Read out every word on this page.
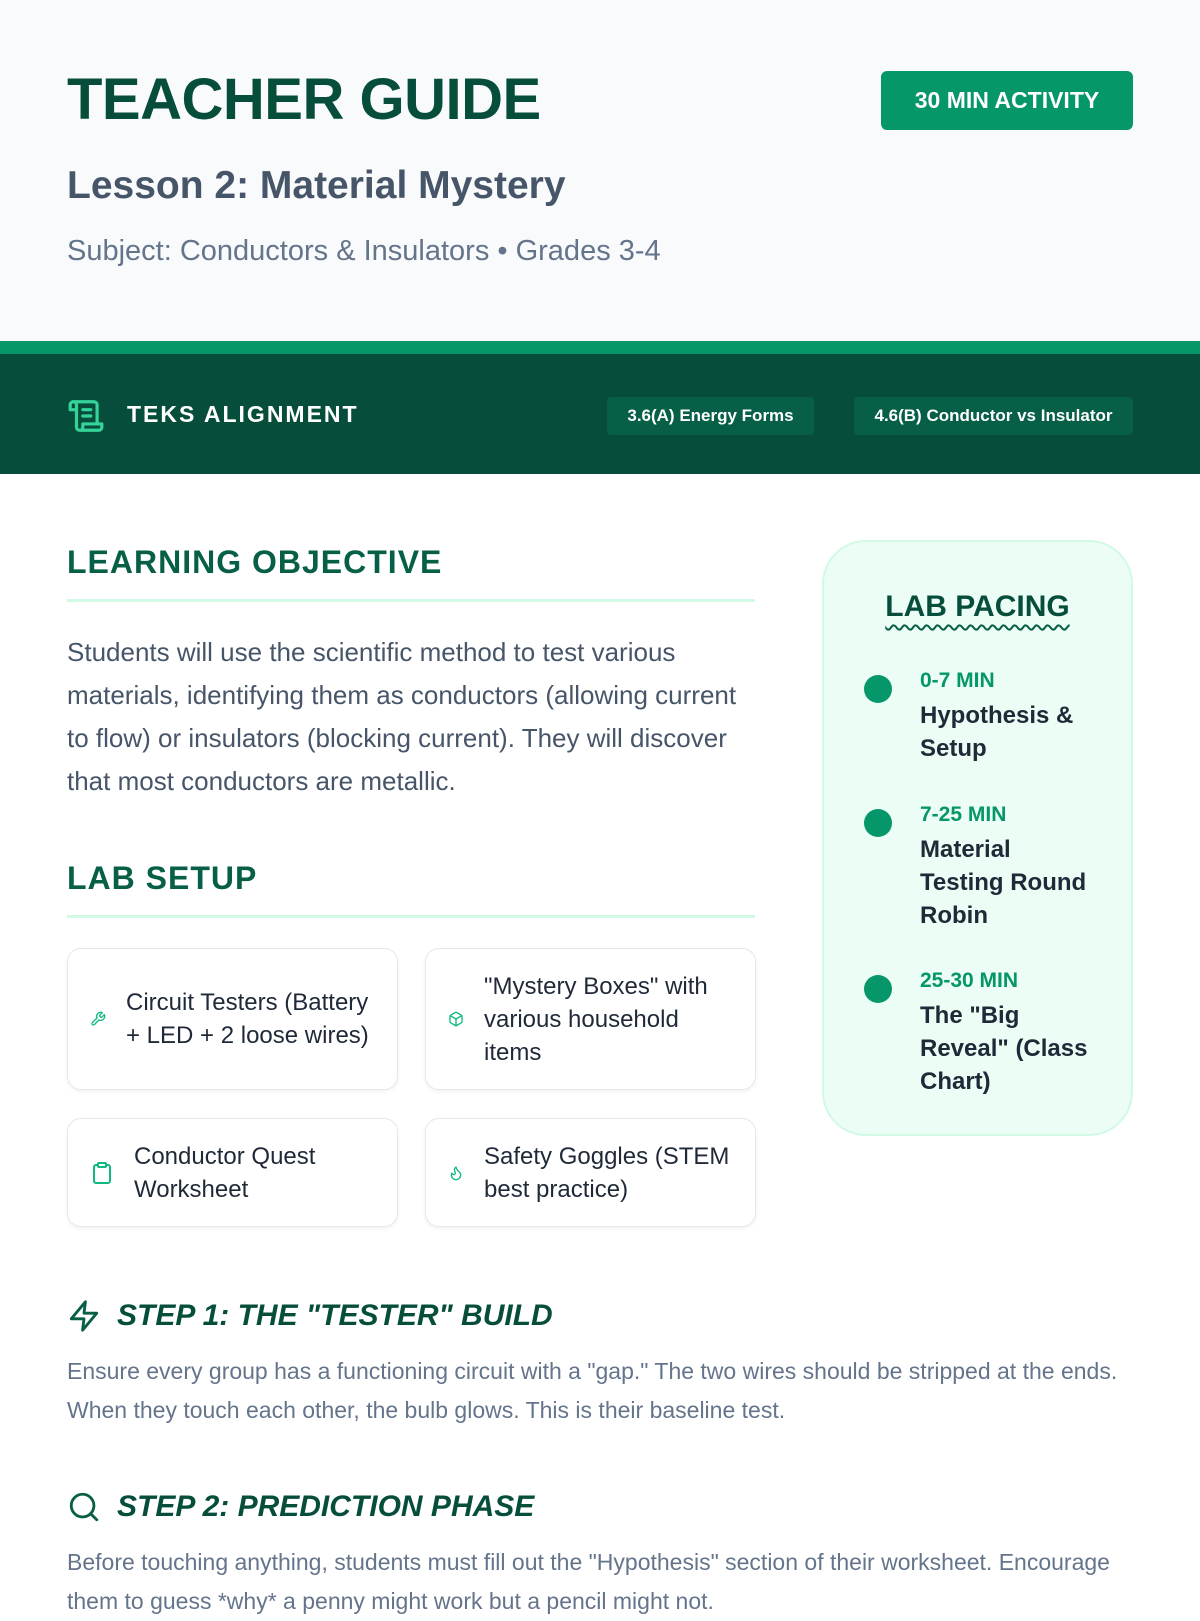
TEACHER GUIDE	30 MIN ACTIVITY
Lesson 2: Material Mystery
Subject: Conductors & Insulators • Grades 3-4
TEKS ALIGNMENT	3.6(A) Energy Forms	4.6(B) Conductor vs Insulator
LEARNING OBJECTIVE

Students will use the scientific method to test various materials, identifying them as conductors (allowing current to flow) or insulators (blocking current). They will discover that most conductors are metallic.

LAB SETUP
Circuit Testers (Battery + LED + 2 loose wires)
"Mystery Boxes" with various household items
Conductor Quest Worksheet
Safety Goggles (STEM best practice)
LAB PACING
0-7 MIN
Hypothesis & Setup
7-25 MIN
Material Testing Round Robin
25-30 MIN
The "Big Reveal" (Class Chart)
STEP 1: THE "TESTER" BUILD

Ensure every group has a functioning circuit with a "gap." The two wires should be stripped at the ends. When they touch each other, the bulb glows. This is their baseline test.

STEP 2: PREDICTION PHASE

Before touching anything, students must fill out the "Hypothesis" section of their worksheet. Encourage them to guess *why* a penny might work but a pencil might not.
